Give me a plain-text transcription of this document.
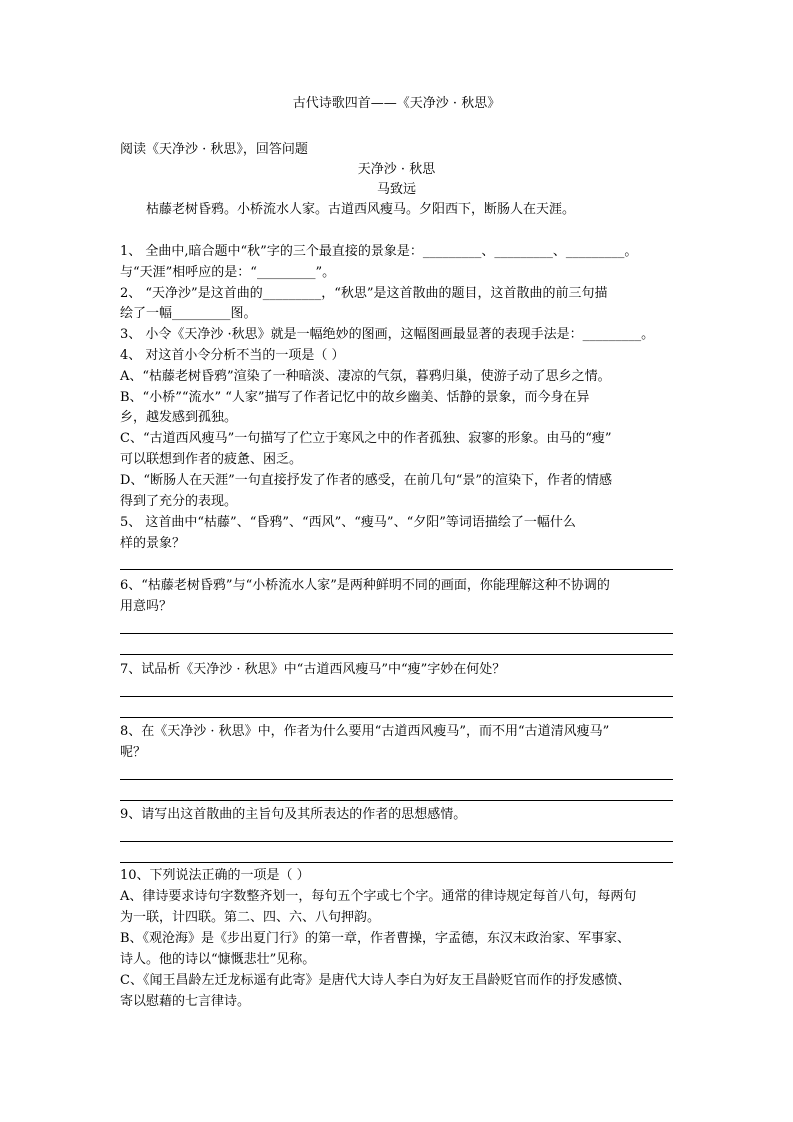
古代诗歌四首——《天净沙 · 秋思》
阅读《天净沙 · 秋思》，回答问题
天净沙 · 秋思
马致远
枯藤老树昏鸦。小桥流水人家。古道西风瘦马。夕阳西下，断肠人在天涯。
1、 全曲中,暗合题中“秋”字的三个最直接的景象是：_________、_________、_________。
与“天涯”相呼应的是：“_________”。
2、 “天净沙”是这首曲的_________，“秋思”是这首散曲的题目，这首散曲的前三句描
绘了一幅_________图。
3、 小令《天净沙 ·秋思》就是一幅绝妙的图画，这幅图画最显著的表现手法是：_________。
4、 对这首小令分析不当的一项是（ ）
A、“枯藤老树昏鸦”渲染了一种暗淡、凄凉的气氛，暮鸦归巢，使游子动了思乡之情。
B、“小桥”“流水” “人家”描写了作者记忆中的故乡幽美、恬静的景象，而今身在异
乡，越发感到孤独。
C、“古道西风瘦马”一句描写了伫立于寒风之中的作者孤独、寂寥的形象。由马的“瘦”
可以联想到作者的疲惫、困乏。
D、“断肠人在天涯”一句直接抒发了作者的感受，在前几句“景”的渲染下，作者的情感
得到了充分的表现。
5、 这首曲中“枯藤”、“昏鸦”、“西风”、“瘦马”、“夕阳”等词语描绘了一幅什么
样的景象？
6、“枯藤老树昏鸦”与“小桥流水人家”是两种鲜明不同的画面，你能理解这种不协调的
用意吗？
7、试品析《天净沙 · 秋思》中“古道西风瘦马”中“瘦”字妙在何处？
8、在《天净沙 · 秋思》中，作者为什么要用“古道西风瘦马”，而不用“古道清风瘦马”
呢？
9、请写出这首散曲的主旨句及其所表达的作者的思想感情。
10、下列说法正确的一项是（ ）
A、律诗要求诗句字数整齐划一，每句五个字或七个字。通常的律诗规定每首八句，每两句
为一联，计四联。第二、四、六、八句押韵。
B、《观沧海》是《步出夏门行》的第一章，作者曹操，字孟德，东汉末政治家、军事家、
诗人。他的诗以“慷慨悲壮”见称。
C、《闻王昌龄左迁龙标遥有此寄》是唐代大诗人李白为好友王昌龄贬官而作的抒发感愤、
寄以慰藉的七言律诗。
